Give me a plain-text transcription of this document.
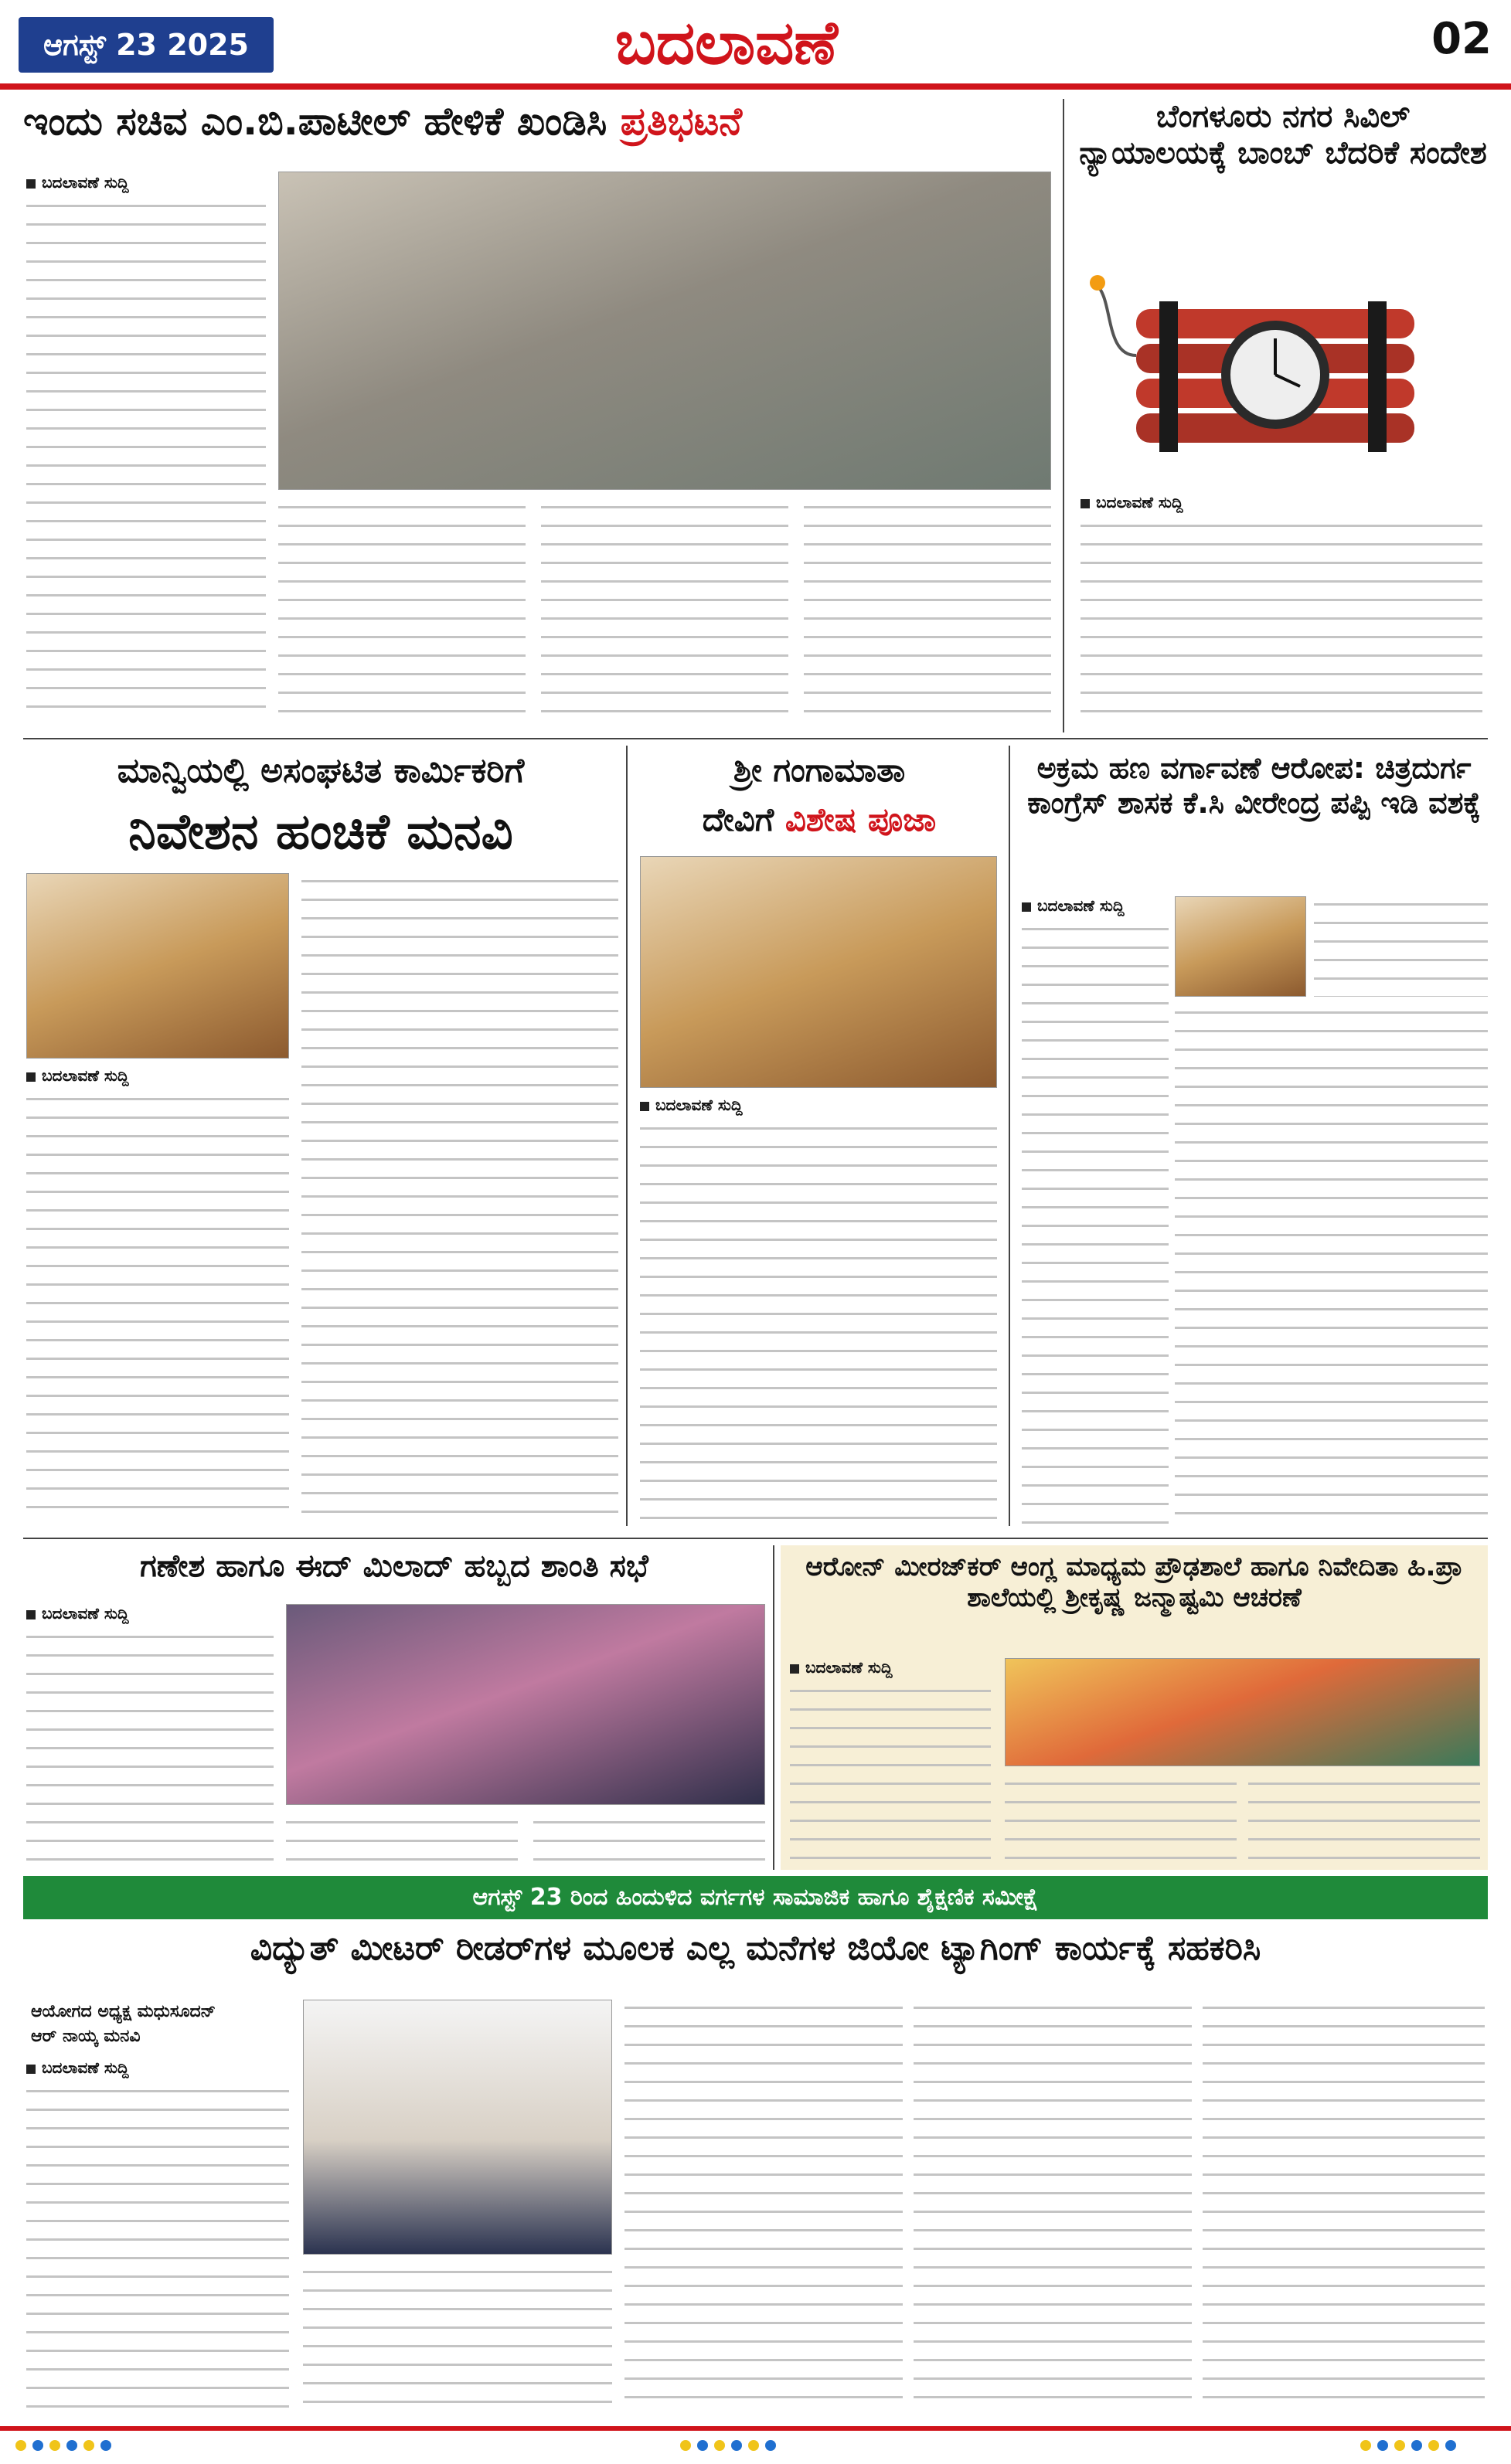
ಆಗಸ್ಟ್ 23 2025	ಬದಲಾವಣೆ	02
ಇಂದು ಸಚಿವ ಎಂ.ಬಿ.ಪಾಟೀಲ್ ಹೇಳಿಕೆ ಖಂಡಿಸಿ ಪ್ರತಿಭಟನೆ
ಬದಲಾವಣೆ ಸುದ್ದಿ
ಬೆಂಗಳೂರು ನಗರ ಸಿವಿಲ್ ನ್ಯಾಯಾಲಯಕ್ಕೆ ಬಾಂಬ್ ಬೆದರಿಕೆ ಸಂದೇಶ
ಬದಲಾವಣೆ ಸುದ್ದಿ
ಮಾನ್ವಿಯಲ್ಲಿ ಅಸಂಘಟಿತ ಕಾರ್ಮಿಕರಿಗೆ
ನಿವೇಶನ ಹಂಚಿಕೆ ಮನವಿ
ಬದಲಾವಣೆ ಸುದ್ದಿ
ಶ್ರೀ ಗಂಗಾಮಾತಾ
ದೇವಿಗೆ ವಿಶೇಷ ಪೂಜಾ
ಬದಲಾವಣೆ ಸುದ್ದಿ
ಅಕ್ರಮ ಹಣ ವರ್ಗಾವಣೆ ಆರೋಪ: ಚಿತ್ರದುರ್ಗ ಕಾಂಗ್ರೆಸ್ ಶಾಸಕ ಕೆ.ಸಿ ವೀರೇಂದ್ರ ಪಪ್ಪಿ ಇಡಿ ವಶಕ್ಕೆ
ಬದಲಾವಣೆ ಸುದ್ದಿ
ಗಣೇಶ ಹಾಗೂ ಈದ್ ಮಿಲಾದ್ ಹಬ್ಬದ ಶಾಂತಿ ಸಭೆ
ಬದಲಾವಣೆ ಸುದ್ದಿ
ಆರೋನ್ ಮೀರಜ್‌ಕರ್ ಆಂಗ್ಲ ಮಾಧ್ಯಮ ಪ್ರೌಢಶಾಲೆ ಹಾಗೂ ನಿವೇದಿತಾ ಹಿ.ಪ್ರಾ ಶಾಲೆಯಲ್ಲಿ ಶ್ರೀಕೃಷ್ಣ ಜನ್ಮಾಷ್ಟಮಿ ಆಚರಣೆ
ಬದಲಾವಣೆ ಸುದ್ದಿ
ಆಗಸ್ಟ್ 23 ರಿಂದ ಹಿಂದುಳಿದ ವರ್ಗಗಳ ಸಾಮಾಜಿಕ ಹಾಗೂ ಶೈಕ್ಷಣಿಕ ಸಮೀಕ್ಷೆ
ವಿದ್ಯುತ್ ಮೀಟರ್ ರೀಡರ್‌ಗಳ ಮೂಲಕ ಎಲ್ಲ ಮನೆಗಳ ಜಿಯೋ ಟ್ಯಾಗಿಂಗ್ ಕಾರ್ಯಕ್ಕೆ ಸಹಕರಿಸಿ
ಆಯೋಗದ ಅಧ್ಯಕ್ಷ ಮಧುಸೂದನ್
ಆರ್ ನಾಯ್ಕ ಮನವಿ
ಬದಲಾವಣೆ ಸುದ್ದಿ
